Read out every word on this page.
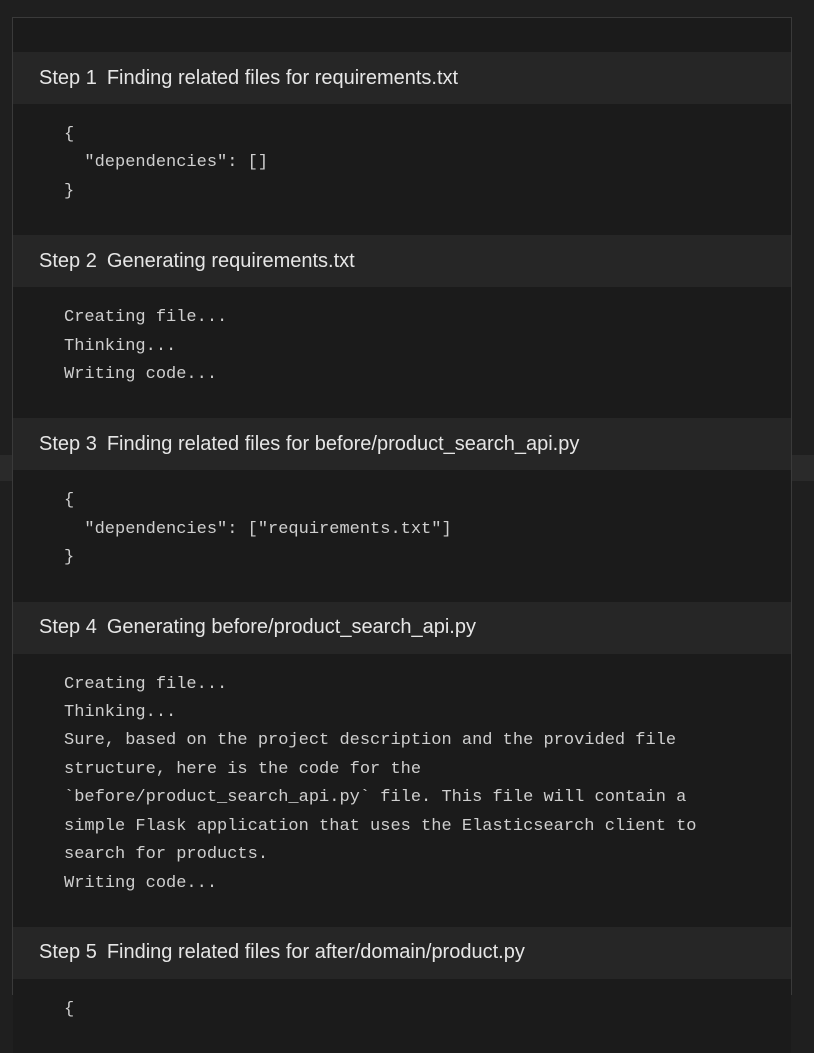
Step 1 Finding related files for requirements.txt
{
"dependencies": []
}
Step 2 Generating requirements.txt
Creating file...
Thinking...
Writing code...
Step 3 Finding related files for before/product_search_api.py
{
"dependencies": ["requirements.txt"]
}
Step 4 Generating before/product_search_api.py
Creating file...
Thinking...
Sure, based on the project description and the provided file
structure, here is the code for the
`before/product_search_api.py` file. This file will contain a
simple Flask application that uses the Elasticsearch client to
search for products.
Writing code...
Step 5 Finding related files for after/domain/product.py
{
